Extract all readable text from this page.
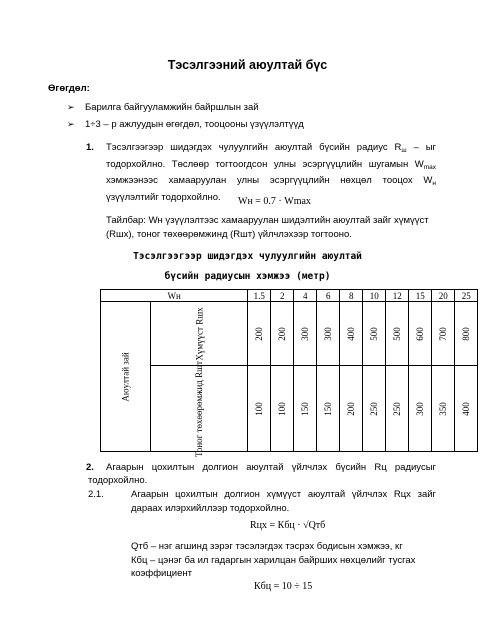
Тэсэлгээний аюултай бүс
Өгөгдөл:
➢ Барилга байгууламжийн байршлын зай
➢ 1÷3 – р ажлуудын өгөгдөл, тооцооны үзүүлэлтүүд
1. Тэсэлгээгээр шидэгдэх чулуулгийн аюултай бүсийн радиус $R_ш$ – ыг
тодорхойлно. Төслөөр тогтоогдсон улны эсэргүүцлийн шугамын $W_{max}$
хэмжээнээс хамааруулан улны эсэргүүцлийн нөхцөл тооцох $W_н$
үзүүлэлтийг тодорхойлно.	Wн = 0.7 · Wmax
Тайлбар: Wн үзүүлэлтээс хамааруулан шидэлтийн аюултай зайг хүмүүст
(Rшх), тоног төхөөрөмжинд (Rшт) үйлчлэхээр тогтооно.
Тэсэлгээгээр шидэгдэх чулуулгийн аюултай
бүсийн радиусын хэмжээ (метр)
Wн		1.5	2	4	6	8	10	12	15	20	25
Аюултай зай	Хүмүүст Rшх	200	200	300	300	400	500	500	600	700	800
	Тоног төхөөрөмжид Rшт	100	100	150	150	200	250	250	300	350	400
2. Агаарын цохилтын долгион аюултай үйлчлэх бүсийн Rц радиусыг
тодорхойлно.
2.1.	Агаарын цохилтын долгион хүмүүст аюултай үйлчлэх Rцх зайг
дараах илэрхийллээр тодорхойлно.
Rцх = Кбц · √Qтб
Qтб – нэг агшинд зэрэг тэсэлэгдэх тэсрэх бодисын хэмжээ, кг
Кбц – цэнэг ба ил гадаргын харилцан байрших нөхцөлийг тусгах
коэффициент
Кбц = 10 ÷ 15
